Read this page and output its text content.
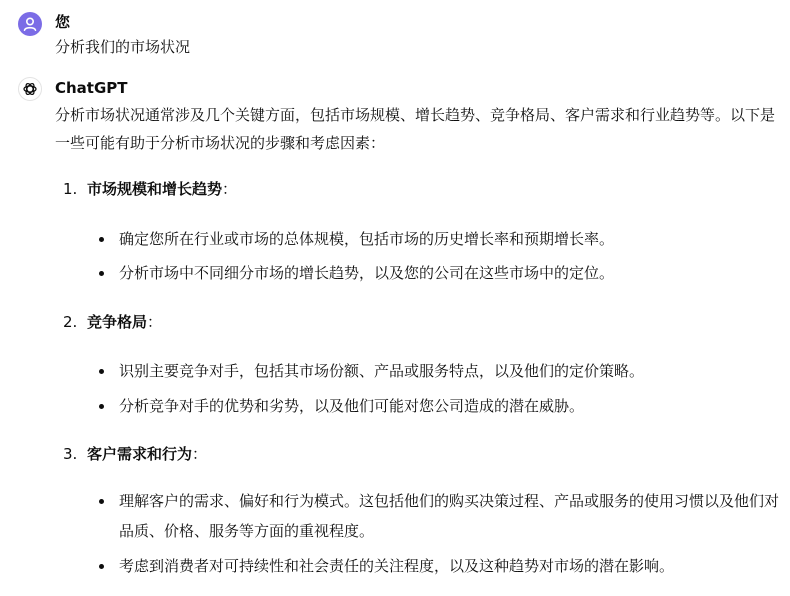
您
分析我们的市场状况
ChatGPT
分析市场状况通常涉及几个关键方面，包括市场规模、增长趋势、竞争格局、客户需求和行业趋势等。以下是一些可能有助于分析市场状况的步骤和考虑因素：
1. 市场规模和增长趋势：
确定您所在行业或市场的总体规模，包括市场的历史增长率和预期增长率。
分析市场中不同细分市场的增长趋势，以及您的公司在这些市场中的定位。
2. 竞争格局：
识别主要竞争对手，包括其市场份额、产品或服务特点，以及他们的定价策略。
分析竞争对手的优势和劣势，以及他们可能对您公司造成的潜在威胁。
3. 客户需求和行为：
理解客户的需求、偏好和行为模式。这包括他们的购买决策过程、产品或服务的使用习惯以及他们对品质、价格、服务等方面的重视程度。
考虑到消费者对可持续性和社会责任的关注程度，以及这种趋势对市场的潜在影响。
